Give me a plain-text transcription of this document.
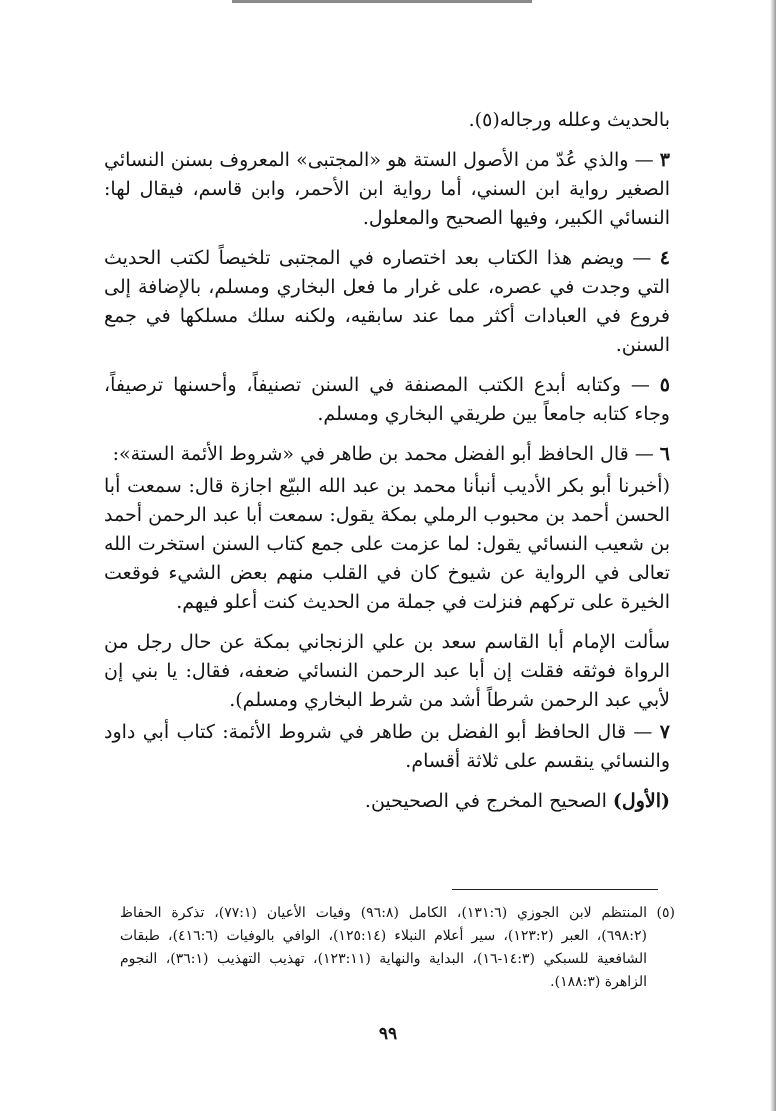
بالحديث وعلله ورجاله(٥).

٣ — والذي عُدّ من الأصول الستة هو «المجتبى» المعروف بسنن النسائي الصغير رواية ابن السني، أما رواية ابن الأحمر، وابن قاسم، فيقال لها: النسائي الكبير، وفيها الصحيح والمعلول.

٤ — ويضم هذا الكتاب بعد اختصاره في المجتبى تلخيصاً لكتب الحديث التي وجدت في عصره، على غرار ما فعل البخاري ومسلم، بالإضافة إلى فروع في العبادات أكثر مما عند سابقيه، ولكنه سلك مسلكها في جمع السنن.

٥ — وكتابه أبدع الكتب المصنفة في السنن تصنيفاً، وأحسنها ترصيفاً، وجاء كتابه جامعاً بين طريقي البخاري ومسلم.

٦ — قال الحافظ أبو الفضل محمد بن طاهر في «شروط الأئمة الستة»:

(أخبرنا أبو بكر الأديب أنبأنا محمد بن عبد الله البيّع اجازة قال: سمعت أبا الحسن أحمد بن محبوب الرملي بمكة يقول: سمعت أبا عبد الرحمن أحمد بن شعيب النسائي يقول: لما عزمت على جمع كتاب السنن استخرت الله تعالى في الرواية عن شيوخ كان في القلب منهم بعض الشيء فوقعت الخيرة على تركهم فنزلت في جملة من الحديث كنت أعلو فيهم.

سألت الإمام أبا القاسم سعد بن علي الزنجاني بمكة عن حال رجل من الرواة فوثقه فقلت إن أبا عبد الرحمن النسائي ضعفه، فقال: يا بني إن لأبي عبد الرحمن شرطاً أشد من شرط البخاري ومسلم).

٧ — قال الحافظ أبو الفضل بن طاهر في شروط الأئمة: كتاب أبي داود والنسائي ينقسم على ثلاثة أقسام.

(الأول) الصحيح المخرج في الصحيحين.

(٥)
المنتظم لابن الجوزي (١٣١:٦)، الكامل (٩٦:٨) وفيات الأعيان (٧٧:١)، تذكرة الحفاظ (٦٩٨:٢)، العبر (١٢٣:٢)، سير أعلام النبلاء (١٢٥:١٤)، الوافي بالوفيات (٤١٦:٦)، طبقات الشافعية للسبكي (١٤:٣-١٦)، البداية والنهاية (١٢٣:١١)، تهذيب التهذيب (٣٦:١)، النجوم الزاهرة (١٨٨:٣).
٩٩
